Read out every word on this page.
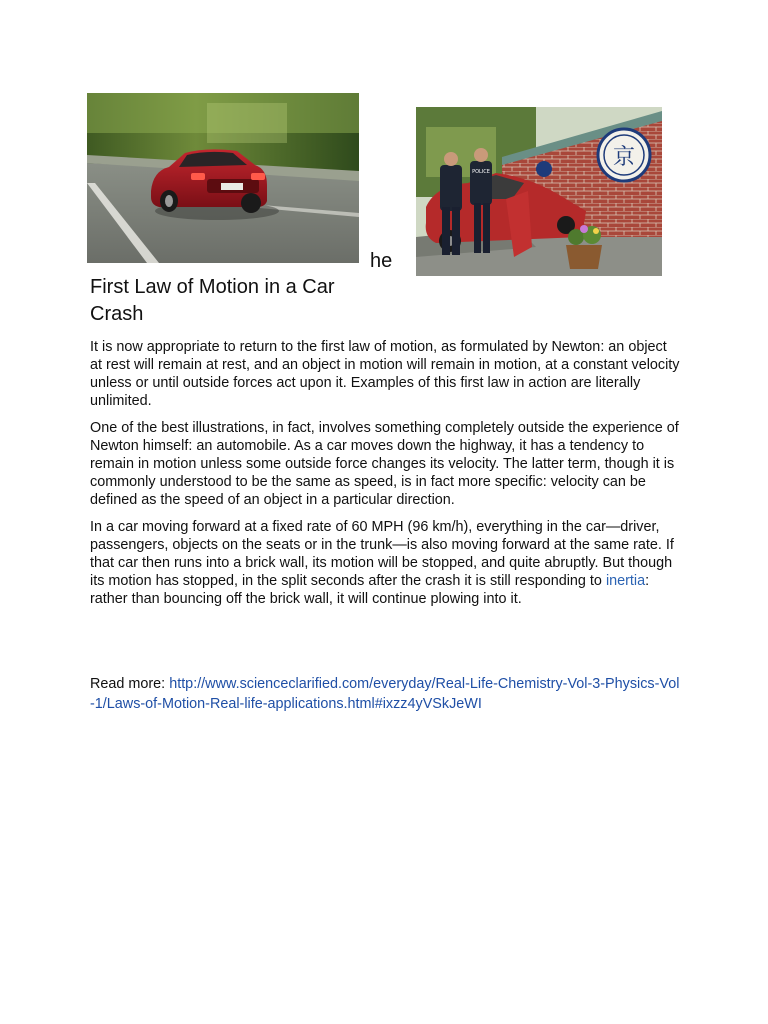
京
POLICE
he
First Law of Motion in a Car Crash

It is now appropriate to return to the first law of motion, as formulated by Newton: an object at rest will remain at rest, and an object in motion will remain in motion, at a constant velocity unless or until outside forces act upon it. Examples of this first law in action are literally unlimited.

One of the best illustrations, in fact, involves something completely outside the experience of Newton himself: an automobile. As a car moves down the highway, it has a tendency to remain in motion unless some outside force changes its velocity. The latter term, though it is commonly understood to be the same as speed, is in fact more specific: velocity can be defined as the speed of an object in a particular direction.

In a car moving forward at a fixed rate of 60 MPH (96 km/h), everything in the car—driver, passengers, objects on the seats or in the trunk—is also moving forward at the same rate. If that car then runs into a brick wall, its motion will be stopped, and quite abruptly. But though its motion has stopped, in the split seconds after the crash it is still responding to inertia: rather than bouncing off the brick wall, it will continue plowing into it.

Read more: http://www.scienceclarified.com/everyday/Real-Life-Chemistry-Vol-3-Physics-Vol-1/Laws-of-Motion-Real-life-applications.html#ixzz4yVSkJeWI
